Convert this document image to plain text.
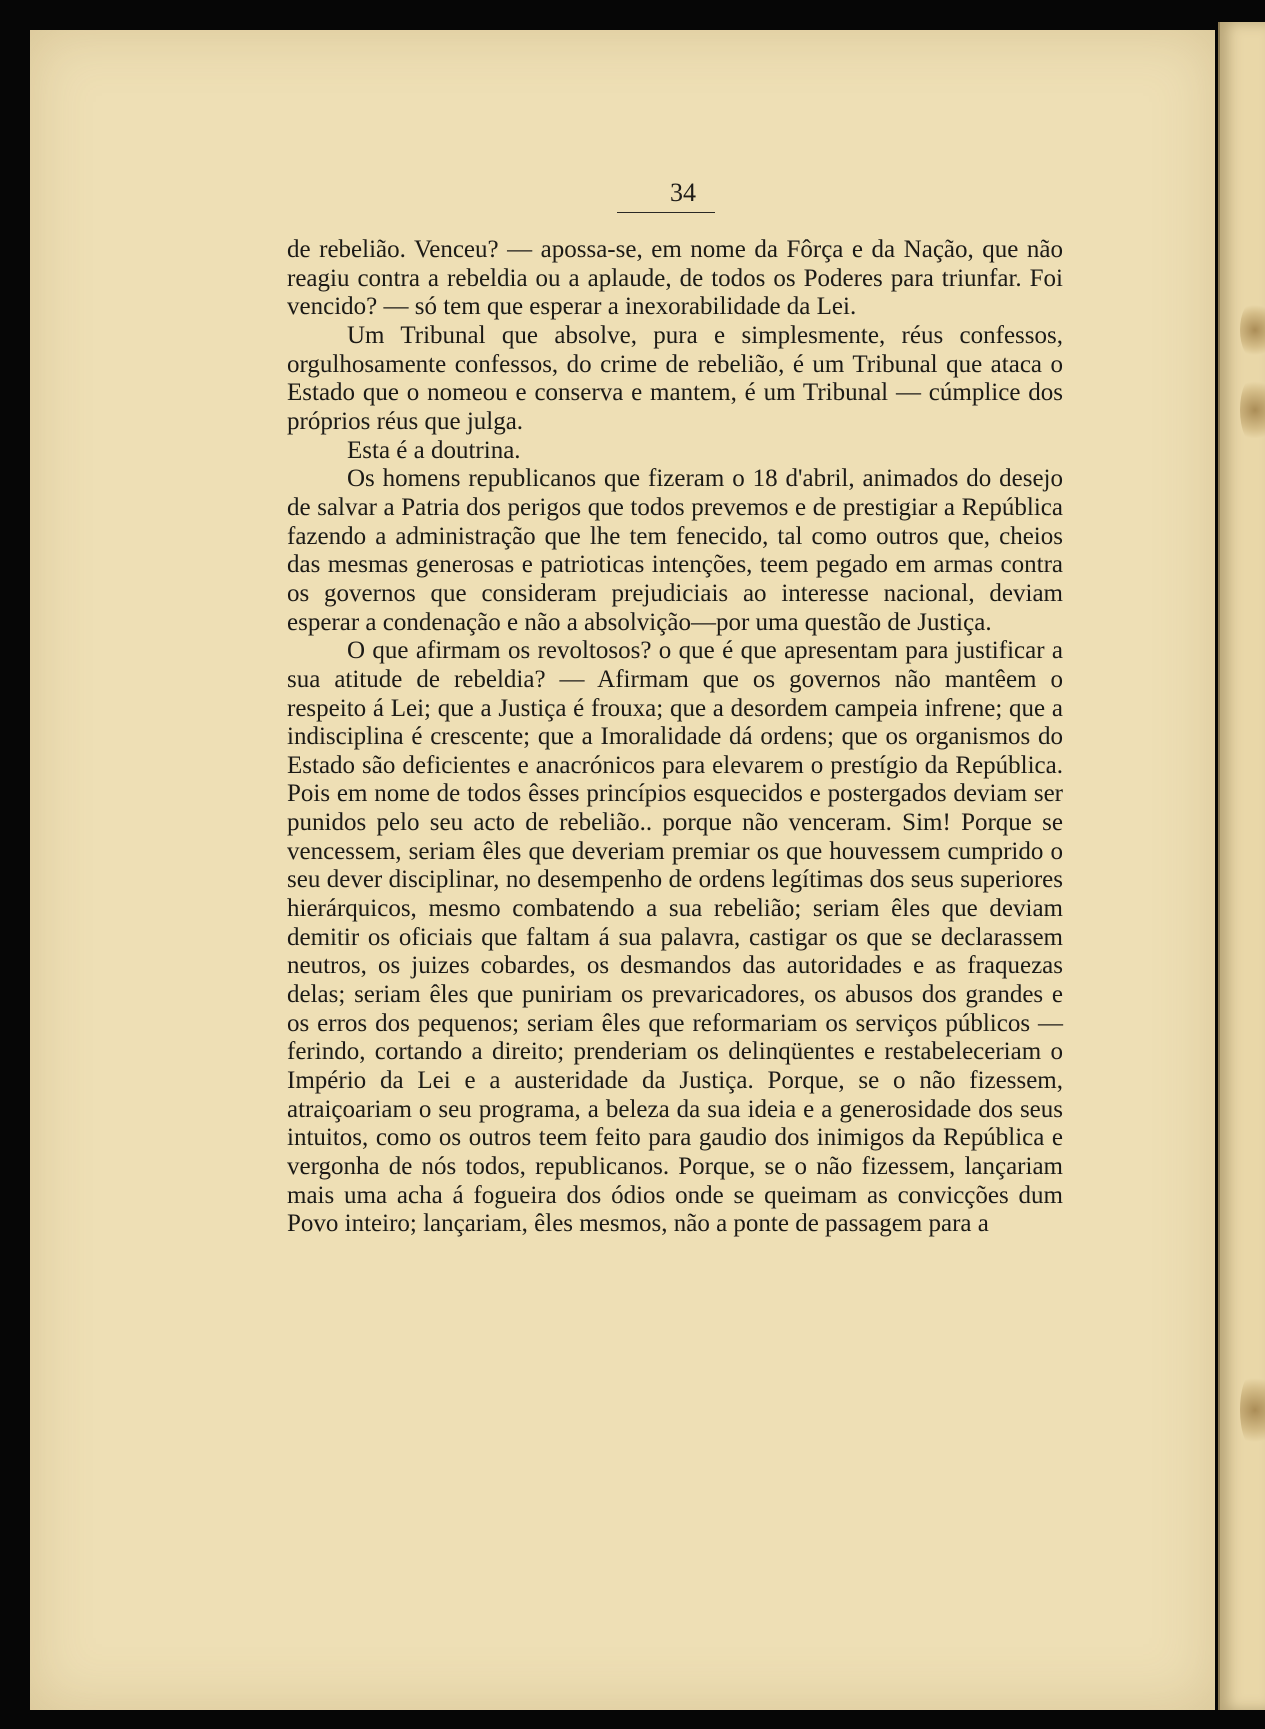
34

de rebelião. Venceu? — apossa-se, em nome da Fôrça e da Nação, que não reagiu contra a rebeldia ou a aplaude, de todos os Poderes para triunfar. Foi vencido? — só tem que esperar a inexorabilidade da Lei.

Um Tribunal que absolve, pura e simplesmente, réus confessos, orgulhosamente confessos, do crime de rebelião, é um Tribunal que ataca o Estado que o nomeou e conserva e mantem, é um Tribunal — cúmplice dos próprios réus que julga.

Esta é a doutrina.

Os homens republicanos que fizeram o 18 d'abril, animados do desejo de salvar a Patria dos perigos que todos prevemos e de prestigiar a República fazendo a administração que lhe tem fenecido, tal como outros que, cheios das mesmas generosas e patrioticas intenções, teem pegado em armas contra os governos que consideram prejudiciais ao interesse nacional, deviam esperar a condenação e não a absolvição—por uma questão de Justiça.

O que afirmam os revoltosos? o que é que apresentam para justificar a sua atitude de rebeldia? — Afirmam que os governos não mantêem o respeito á Lei; que a Justiça é frouxa; que a desordem campeia infrene; que a indisciplina é crescente; que a Imoralidade dá ordens; que os organismos do Estado são deficientes e anacrónicos para elevarem o prestígio da República. Pois em nome de todos êsses princípios esquecidos e postergados deviam ser punidos pelo seu acto de rebelião.. porque não venceram. Sim! Porque se vencessem, seriam êles que deveriam premiar os que houvessem cumprido o seu dever disciplinar, no desempenho de ordens legítimas dos seus superiores hierárquicos, mesmo combatendo a sua rebelião; seriam êles que deviam demitir os oficiais que faltam á sua palavra, castigar os que se declarassem neutros, os juizes cobardes, os desmandos das autoridades e as fraquezas delas; seriam êles que puniriam os prevaricadores, os abusos dos grandes e os erros dos pequenos; seriam êles que reformariam os serviços públicos — ferindo, cortando a direito; prenderiam os delinqüentes e restabeleceriam o Império da Lei e a austeridade da Justiça. Porque, se o não fizessem, atraiçoariam o seu programa, a beleza da sua ideia e a generosidade dos seus intuitos, como os outros teem feito para gaudio dos inimigos da República e vergonha de nós todos, republicanos. Porque, se o não fizessem, lançariam mais uma acha á fogueira dos ódios onde se queimam as convicções dum Povo inteiro; lançariam, êles mesmos, não a ponte de passagem para a
